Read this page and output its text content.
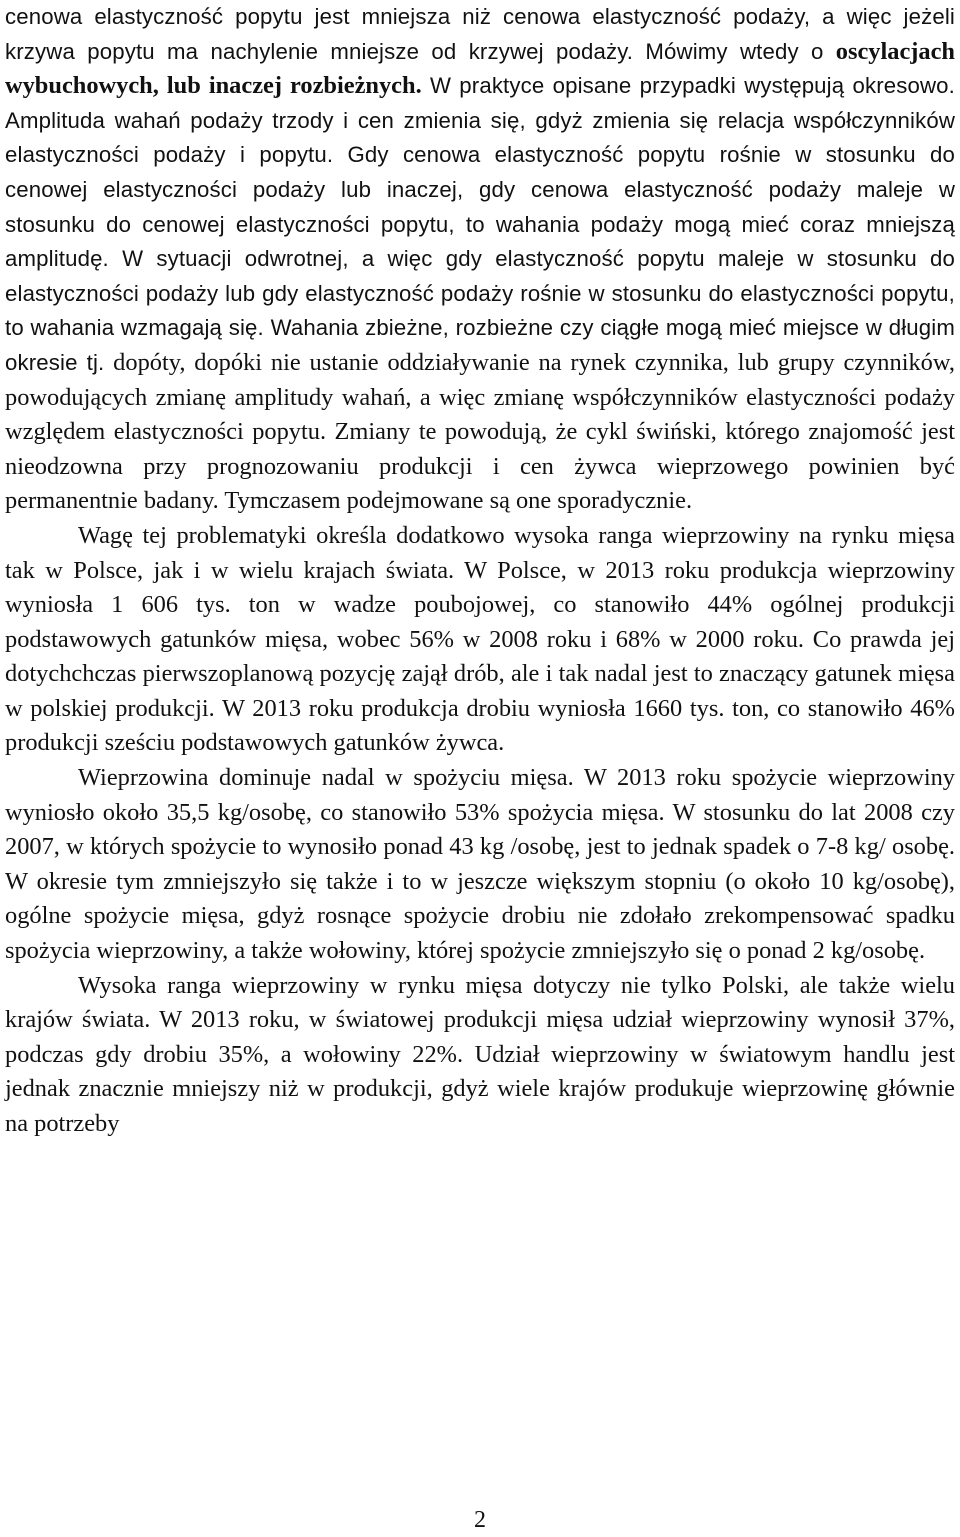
cenowa elastyczność popytu jest mniejsza niż cenowa elastyczność podaży, a więc jeżeli krzywa popytu ma nachylenie mniejsze od krzywej podaży. Mówimy wtedy o oscylacjach wybuchowych, lub inaczej rozbieżnych. W praktyce opisane przypadki występują okresowo. Amplituda wahań podaży trzody i cen zmienia się, gdyż zmienia się relacja współczynników elastyczności podaży i popytu. Gdy cenowa elastyczność popytu rośnie w stosunku do cenowej elastyczności podaży lub inaczej, gdy cenowa elastyczność podaży maleje w stosunku do cenowej elastyczności popytu, to wahania podaży mogą mieć coraz mniejszą amplitudę. W sytuacji odwrotnej, a więc gdy elastyczność popytu maleje w stosunku do elastyczności podaży lub gdy elastyczność podaży rośnie w stosunku do elastyczności popytu, to wahania wzmagają się. Wahania zbieżne, rozbieżne czy ciągłe mogą mieć miejsce w długim okresie tj. dopóty, dopóki nie ustanie oddziaływanie na rynek czynnika, lub grupy czynników, powodujących zmianę amplitudy wahań, a więc zmianę współczynników elastyczności podaży względem elastyczności popytu. Zmiany te powodują, że cykl świński, którego znajomość jest nieodzowna przy prognozowaniu produkcji i cen żywca wieprzowego powinien być permanentnie badany. Tymczasem podejmowane są one sporadycznie.

Wagę tej problematyki określa dodatkowo wysoka ranga wieprzowiny na rynku mięsa tak w Polsce, jak i w wielu krajach świata. W Polsce, w 2013 roku produkcja wieprzowiny wyniosła 1 606 tys. ton w wadze poubojowej, co stanowiło 44% ogólnej produkcji podstawowych gatunków mięsa, wobec 56% w 2008 roku i 68% w 2000 roku. Co prawda jej dotychchczas pierwszoplanową pozycję zajął drób, ale i tak nadal jest to znaczący gatunek mięsa w polskiej produkcji. W 2013 roku produkcja drobiu wyniosła 1660 tys. ton, co stanowiło 46% produkcji sześciu podstawowych gatunków żywca.

Wieprzowina dominuje nadal w spożyciu mięsa. W 2013 roku spożycie wieprzowiny wyniosło około 35,5 kg/osobę, co stanowiło 53% spożycia mięsa. W stosunku do lat 2008 czy 2007, w których spożycie to wynosiło ponad 43 kg /osobę, jest to jednak spadek o 7-8 kg/ osobę. W okresie tym zmniejszyło się także i to w jeszcze większym stopniu (o około 10 kg/osobę), ogólne spożycie mięsa, gdyż rosnące spożycie drobiu nie zdołało zrekompensować spadku spożycia wieprzowiny, a także wołowiny, której spożycie zmniejszyło się o ponad 2 kg/osobę.

Wysoka ranga wieprzowiny w rynku mięsa dotyczy nie tylko Polski, ale także wielu krajów świata. W 2013 roku, w światowej produkcji mięsa udział wieprzowiny wynosił 37%, podczas gdy drobiu 35%, a wołowiny 22%. Udział wieprzowiny w światowym handlu jest jednak znacznie mniejszy niż w produkcji, gdyż wiele krajów produkuje wieprzowinę głównie na potrzeby

2
